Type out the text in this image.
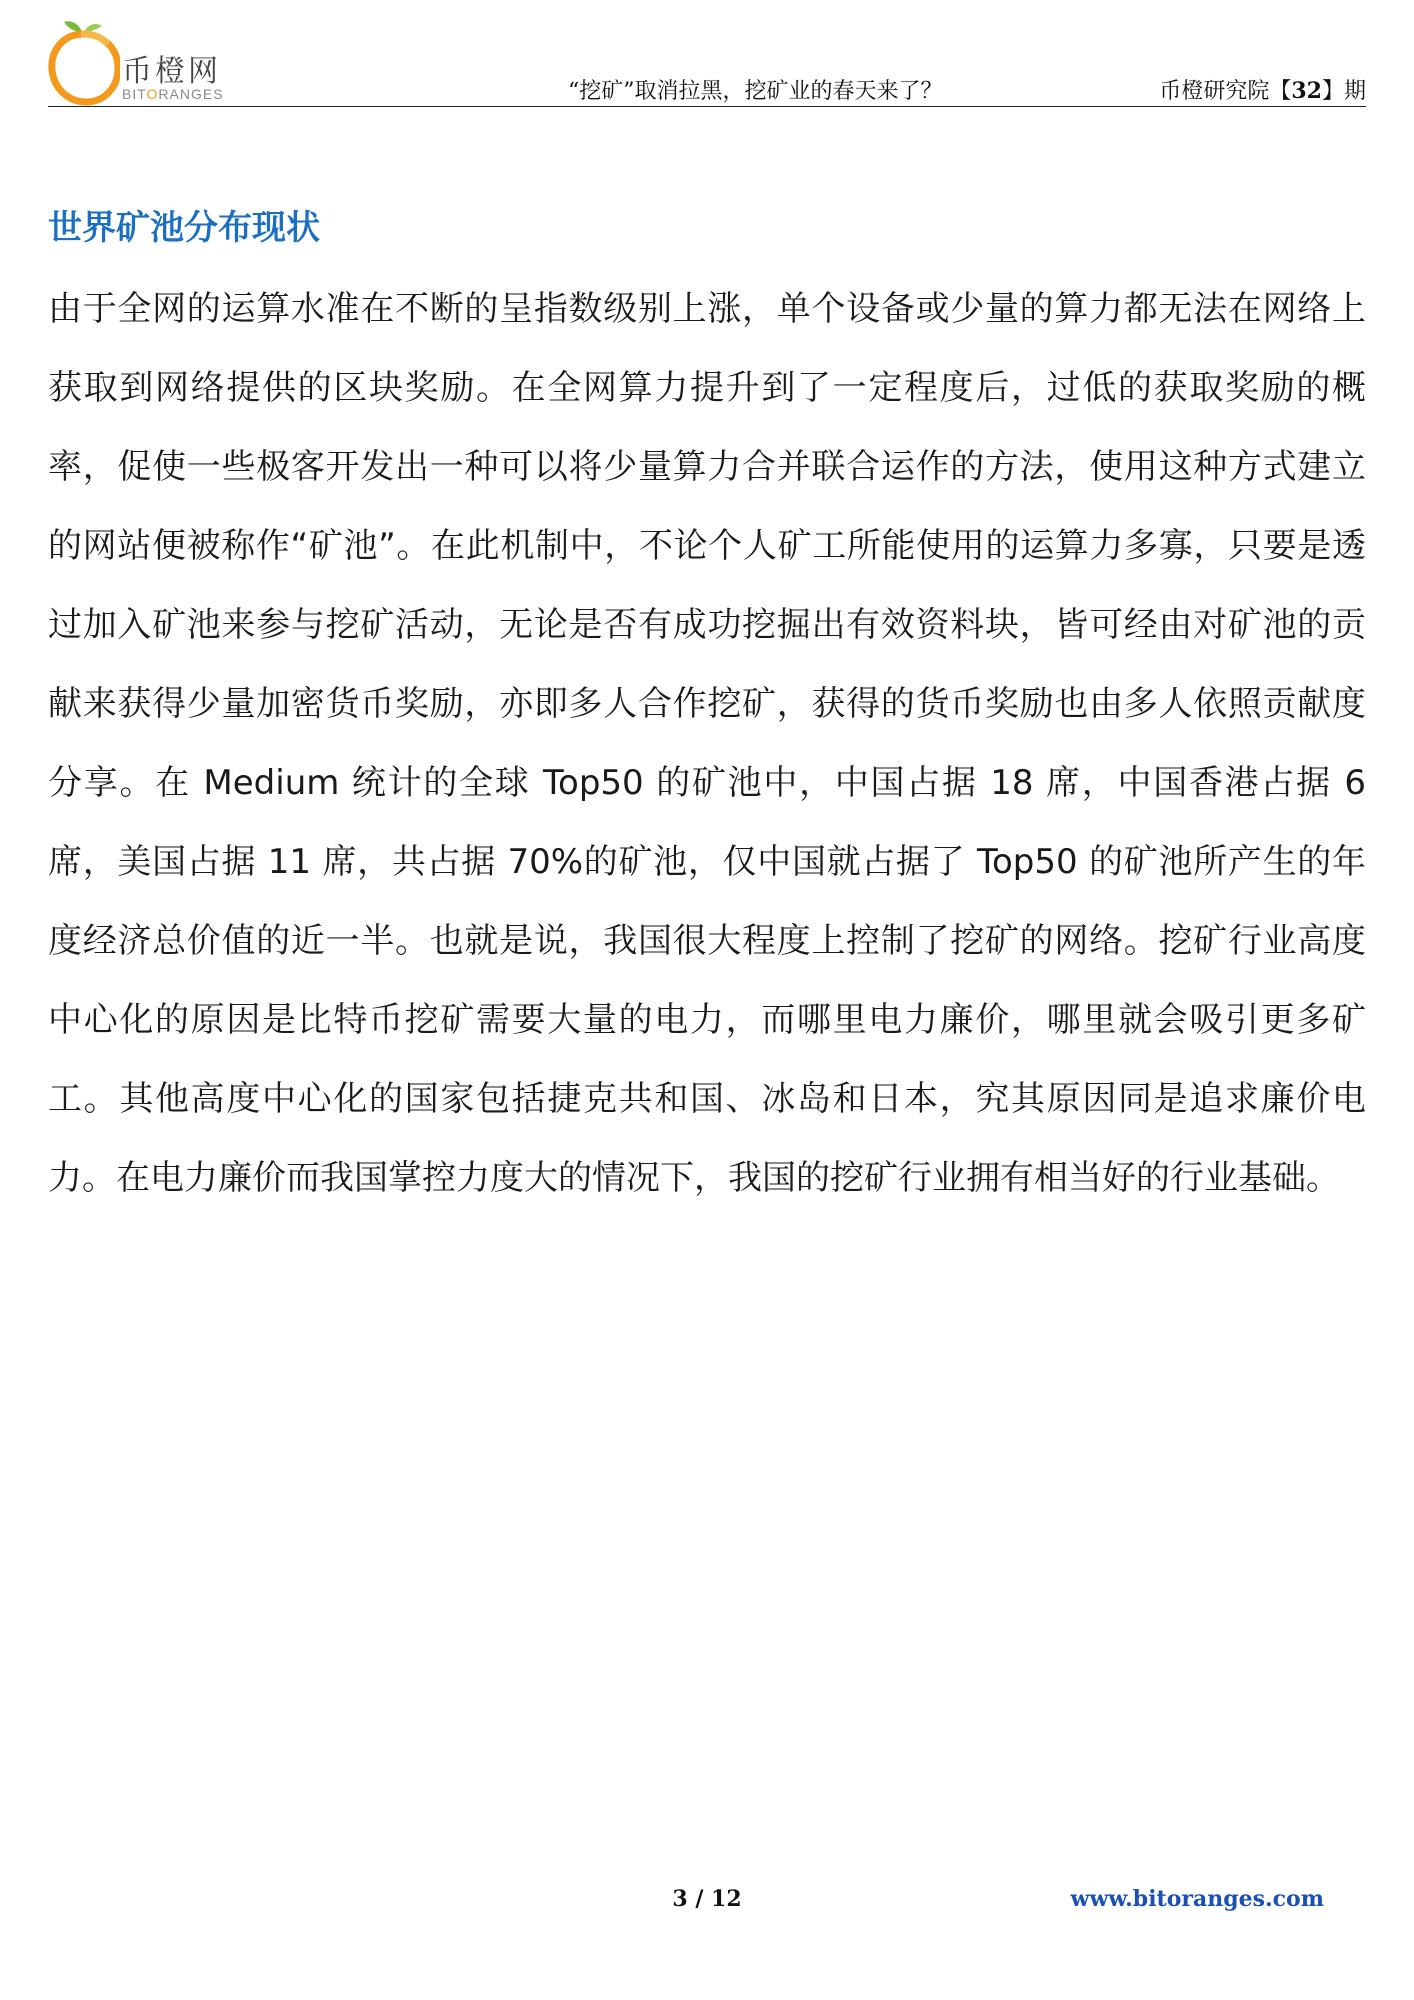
币橙网
BITORANGES	“挖矿”取消拉黑，挖矿业的春天来了？	币橙研究院【32】期
世界矿池分布现状

由于全网的运算水准在不断的呈指数级别上涨，单个设备或少量的算力都无法在网络上获取到网络提供的区块奖励。在全网算力提升到了一定程度后，过低的获取奖励的概率，促使一些极客开发出一种可以将少量算力合并联合运作的方法，使用这种方式建立的网站便被称作“矿池”。在此机制中，不论个人矿工所能使用的运算力多寡，只要是透过加入矿池来参与挖矿活动，无论是否有成功挖掘出有效资料块，皆可经由对矿池的贡献来获得少量加密货币奖励，亦即多人合作挖矿，获得的货币奖励也由多人依照贡献度分享。在 Medium 统计的全球 Top50 的矿池中，中国占据 18 席，中国香港占据 6 席，美国占据 11 席，共占据 70%的矿池，仅中国就占据了 Top50 的矿池所产生的年度经济总价值的近一半。也就是说，我国很大程度上控制了挖矿的网络。挖矿行业高度中心化的原因是比特币挖矿需要大量的电力，而哪里电力廉价，哪里就会吸引更多矿工。其他高度中心化的国家包括捷克共和国、冰岛和日本，究其原因同是追求廉价电力。在电力廉价而我国掌控力度大的情况下，我国的挖矿行业拥有相当好的行业基础。

3 / 12	www.bitoranges.com
